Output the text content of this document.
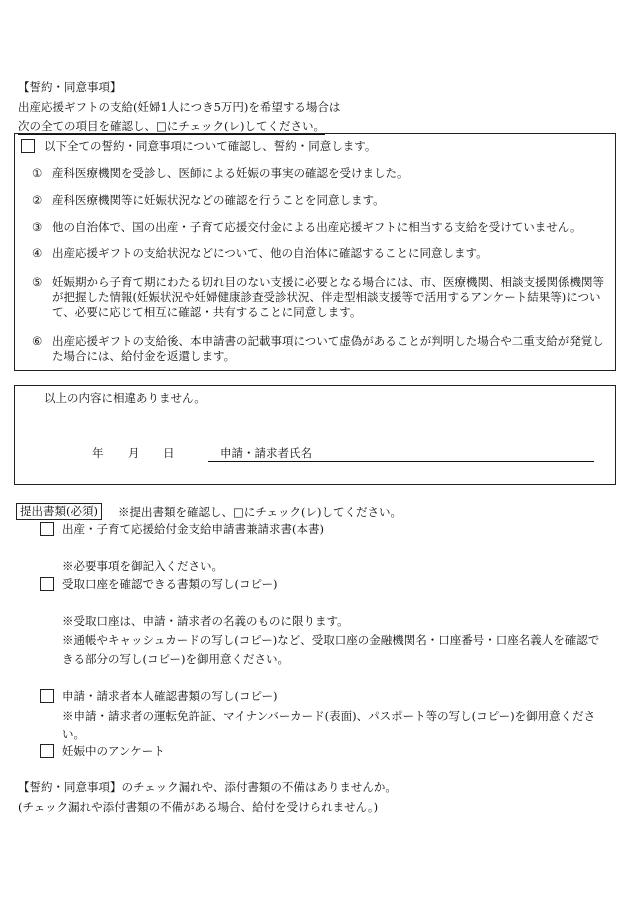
【誓約・同意事項】
出産応援ギフトの支給(妊婦1人につき5万円)を希望する場合は
次の全ての項目を確認し、□にチェック(レ)してください。
以下全ての誓約・同意事項について確認し、誓約・同意します。
① 産科医療機関を受診し、医師による妊娠の事実の確認を受けました。
② 産科医療機関等に妊娠状況などの確認を行うことを同意します。
③ 他の自治体で、国の出産・子育て応援交付金による出産応援ギフトに相当する支給を受けていません。
④ 出産応援ギフトの支給状況などについて、他の自治体に確認することに同意します。
⑤ 妊娠期から子育て期にわたる切れ目のない支援に必要となる場合には、市、医療機関、相談支援関係機関等
が把握した情報(妊娠状況や妊婦健康診査受診状況、伴走型相談支援等で活用するアンケート結果等)につい
て、必要に応じて相互に確認・共有することに同意します。
⑥ 出産応援ギフトの支給後、本申請書の記載事項について虚偽があることが判明した場合や二重支給が発覚し
た場合には、給付金を返還します。
以上の内容に相違ありません。
年 月 日	申請・請求者氏名
提出書類(必須)	※提出書類を確認し、□にチェック(レ)してください。
出産・子育て応援給付金支給申請書兼請求書(本書)
※必要事項を御記入ください。
受取口座を確認できる書類の写し(コピー)
※受取口座は、申請・請求者の名義のものに限ります。
※通帳やキャッシュカードの写し(コピー)など、受取口座の金融機関名・口座番号・口座名義人を確認で
きる部分の写し(コピー)を御用意ください。
申請・請求者本人確認書類の写し(コピー)
※申請・請求者の運転免許証、マイナンバーカード(表面)、パスポート等の写し(コピー)を御用意くださ
い。
妊娠中のアンケート
【誓約・同意事項】のチェック漏れや、添付書類の不備はありませんか。
(チェック漏れや添付書類の不備がある場合、給付を受けられません。)
